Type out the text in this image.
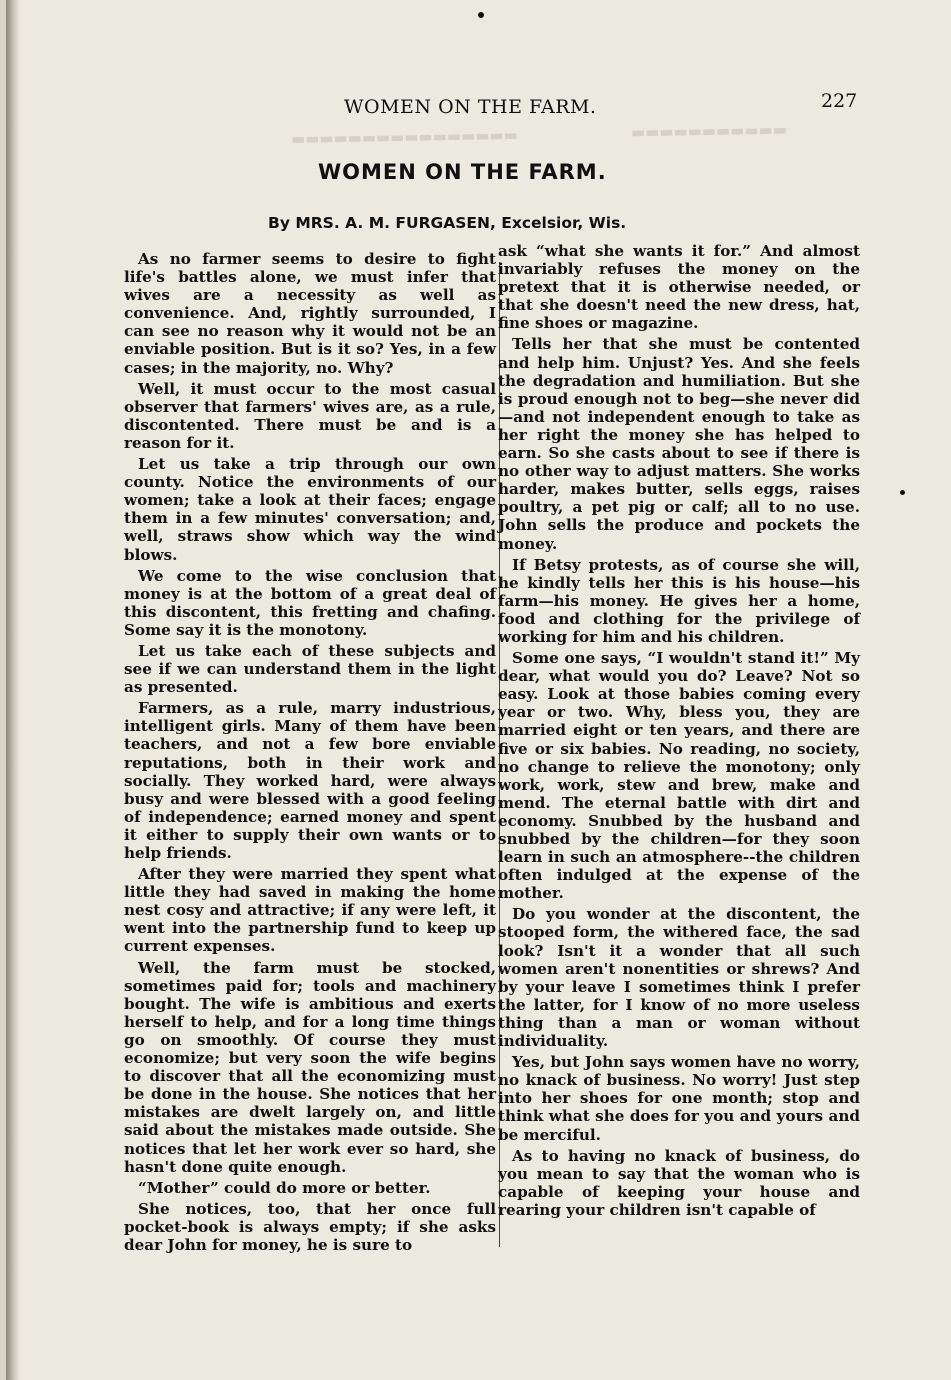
▬▬▬▬▬▬▬▬▬▬▬▬▬▬▬▬	▬▬▬▬▬▬▬▬▬▬▬
WOMEN ON THE FARM.	227
WOMEN ON THE FARM.
By MRS. A. M. FURGASEN, Excelsior, Wis.

As no farmer seems to desire to fight life's battles alone, we must infer that wives are a necessity as well as convenience. And, rightly surrounded, I can see no reason why it would not be an enviable position. But is it so? Yes, in a few cases; in the majority, no. Why?

Well, it must occur to the most casual observer that farmers' wives are, as a rule, discontented. There must be and is a reason for it.

Let us take a trip through our own county. Notice the environments of our women; take a look at their faces; engage them in a few minutes' conversation; and, well, straws show which way the wind blows.

We come to the wise conclusion that money is at the bottom of a great deal of this discontent, this fretting and chafing. Some say it is the monotony.

Let us take each of these subjects and see if we can understand them in the light as presented.

Farmers, as a rule, marry industrious, intelligent girls. Many of them have been teachers, and not a few bore enviable reputations, both in their work and socially. They worked hard, were always busy and were blessed with a good feeling of independence; earned money and spent it either to supply their own wants or to help friends.

After they were married they spent what little they had saved in making the home nest cosy and attractive; if any were left, it went into the partnership fund to keep up current expenses.

Well, the farm must be stocked, sometimes paid for; tools and machinery bought. The wife is ambitious and exerts herself to help, and for a long time things go on smoothly. Of course they must economize; but very soon the wife begins to discover that all the economizing must be done in the house. She notices that her mistakes are dwelt largely on, and little said about the mistakes made outside. She notices that let her work ever so hard, she hasn't done quite enough.

“Mother” could do more or better.

She notices, too, that her once full pocket-book is always empty; if she asks dear John for money, he is sure to

ask “what she wants it for.” And almost invariably refuses the money on the pretext that it is otherwise needed, or that she doesn't need the new dress, hat, fine shoes or magazine.

Tells her that she must be contented and help him. Unjust? Yes. And she feels the degradation and humiliation. But she is proud enough not to beg—she never did—and not independent enough to take as her right the money she has helped to earn. So she casts about to see if there is no other way to adjust matters. She works harder, makes butter, sells eggs, raises poultry, a pet pig or calf; all to no use. John sells the produce and pockets the money.

If Betsy protests, as of course she will, he kindly tells her this is his house—his farm—his money. He gives her a home, food and clothing for the privilege of working for him and his children.

Some one says, “I wouldn't stand it!” My dear, what would you do? Leave? Not so easy. Look at those babies coming every year or two. Why, bless you, they are married eight or ten years, and there are five or six babies. No reading, no society, no change to relieve the monotony; only work, work, stew and brew, make and mend. The eternal battle with dirt and economy. Snubbed by the husband and snubbed by the children—for they soon learn in such an atmosphere--the children often indulged at the expense of the mother.

Do you wonder at the discontent, the stooped form, the withered face, the sad look? Isn't it a wonder that all such women aren't nonentities or shrews? And by your leave I sometimes think I prefer the latter, for I know of no more useless thing than a man or woman without individuality.

Yes, but John says women have no worry, no knack of business. No worry! Just step into her shoes for one month; stop and think what she does for you and yours and be merciful.

As to having no knack of business, do you mean to say that the woman who is capable of keeping your house and rearing your children isn't capable of
